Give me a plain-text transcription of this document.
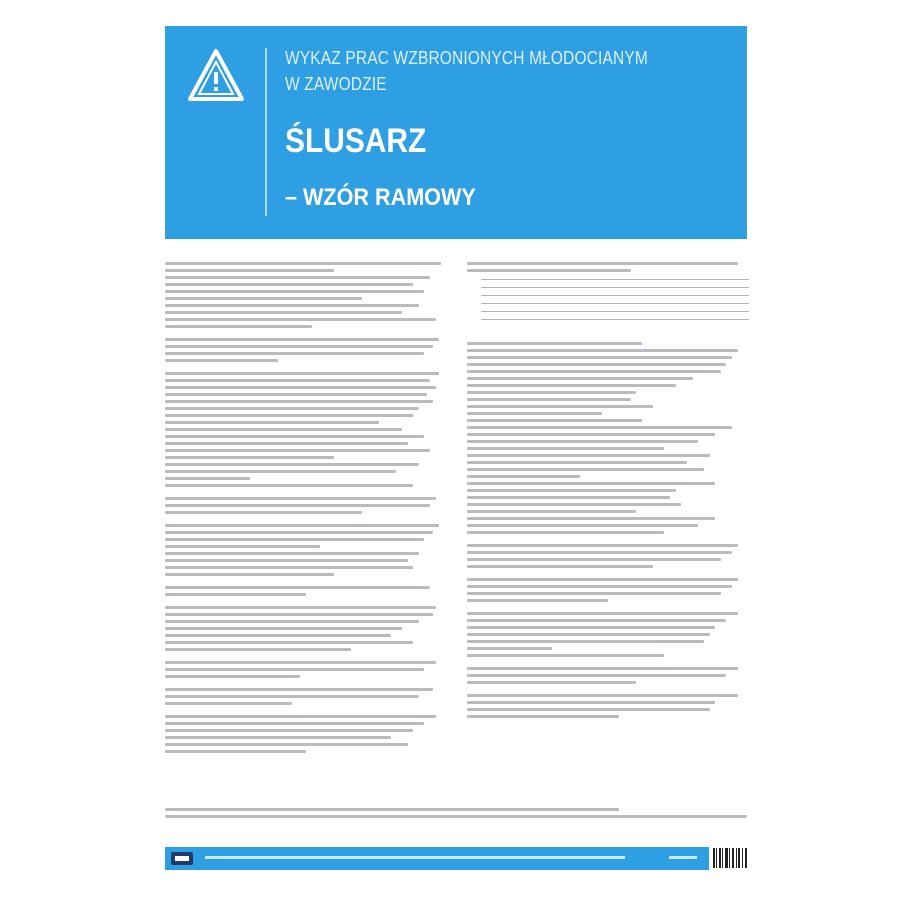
WYKAZ PRAC WZBRONIONYCH MŁODOCIANYM
W ZAWODZIE
ŚLUSARZ
– WZÓR RAMOWY
